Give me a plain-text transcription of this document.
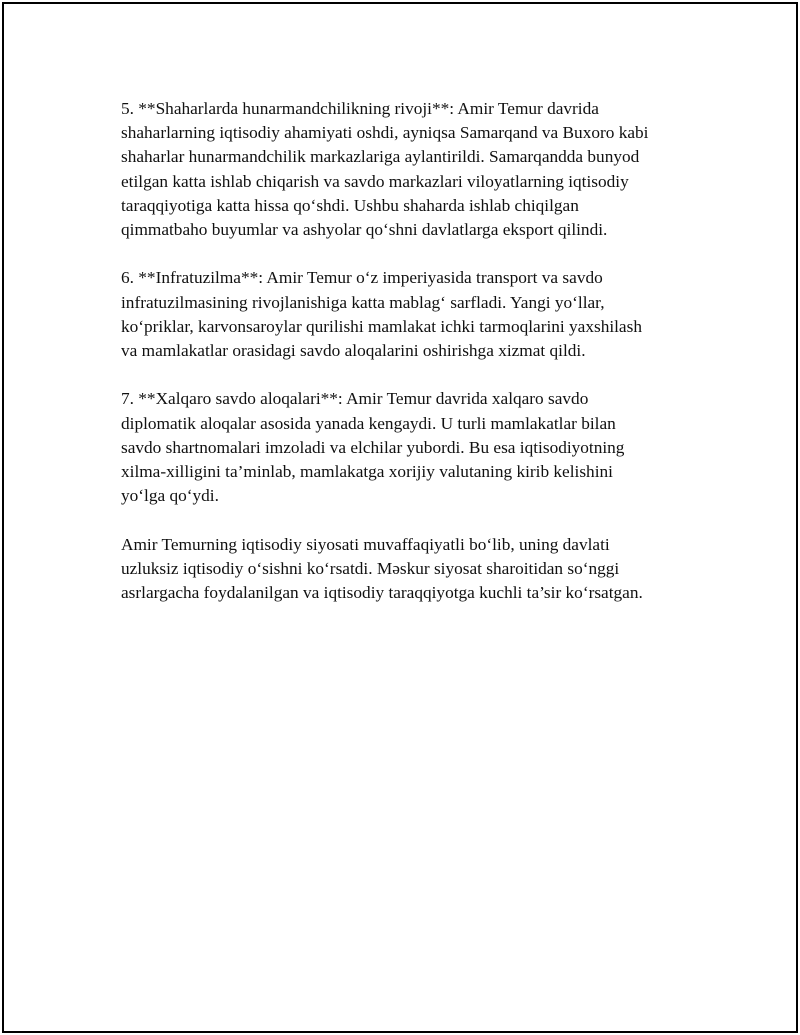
5. **Shaharlarda hunarmandchilikning rivoji**: Amir Temur davrida
shaharlarning iqtisodiy ahamiyati oshdi, ayniqsa Samarqand va Buxoro kabi
shaharlar hunarmandchilik markazlariga aylantirildi. Samarqandda bunyod
etilgan katta ishlab chiqarish va savdo markazlari viloyatlarning iqtisodiy
taraqqiyotiga katta hissa qo‘shdi. Ushbu shaharda ishlab chiqilgan
qimmatbaho buyumlar va ashyolar qo‘shni davlatlarga eksport qilindi.

6. **Infratuzilma**: Amir Temur o‘z imperiyasida transport va savdo
infratuzilmasining rivojlanishiga katta mablag‘ sarfladi. Yangi yo‘llar,
ko‘priklar, karvonsaroylar qurilishi mamlakat ichki tarmoqlarini yaxshilash
va mamlakatlar orasidagi savdo aloqalarini oshirishga xizmat qildi.

7. **Xalqaro savdo aloqalari**: Amir Temur davrida xalqaro savdo
diplomatik aloqalar asosida yanada kengaydi. U turli mamlakatlar bilan
savdo shartnomalari imzoladi va elchilar yubordi. Bu esa iqtisodiyotning
xilma-xilligini ta’minlab, mamlakatga xorijiy valutaning kirib kelishini
yo‘lga qo‘ydi.

Amir Temurning iqtisodiy siyosati muvaffaqiyatli bo‘lib, uning davlati
uzluksiz iqtisodiy o‘sishni ko‘rsatdi. Məskur siyosat sharoitidan so‘nggi
asrlargacha foydalanilgan va iqtisodiy taraqqiyotga kuchli ta’sir ko‘rsatgan.
